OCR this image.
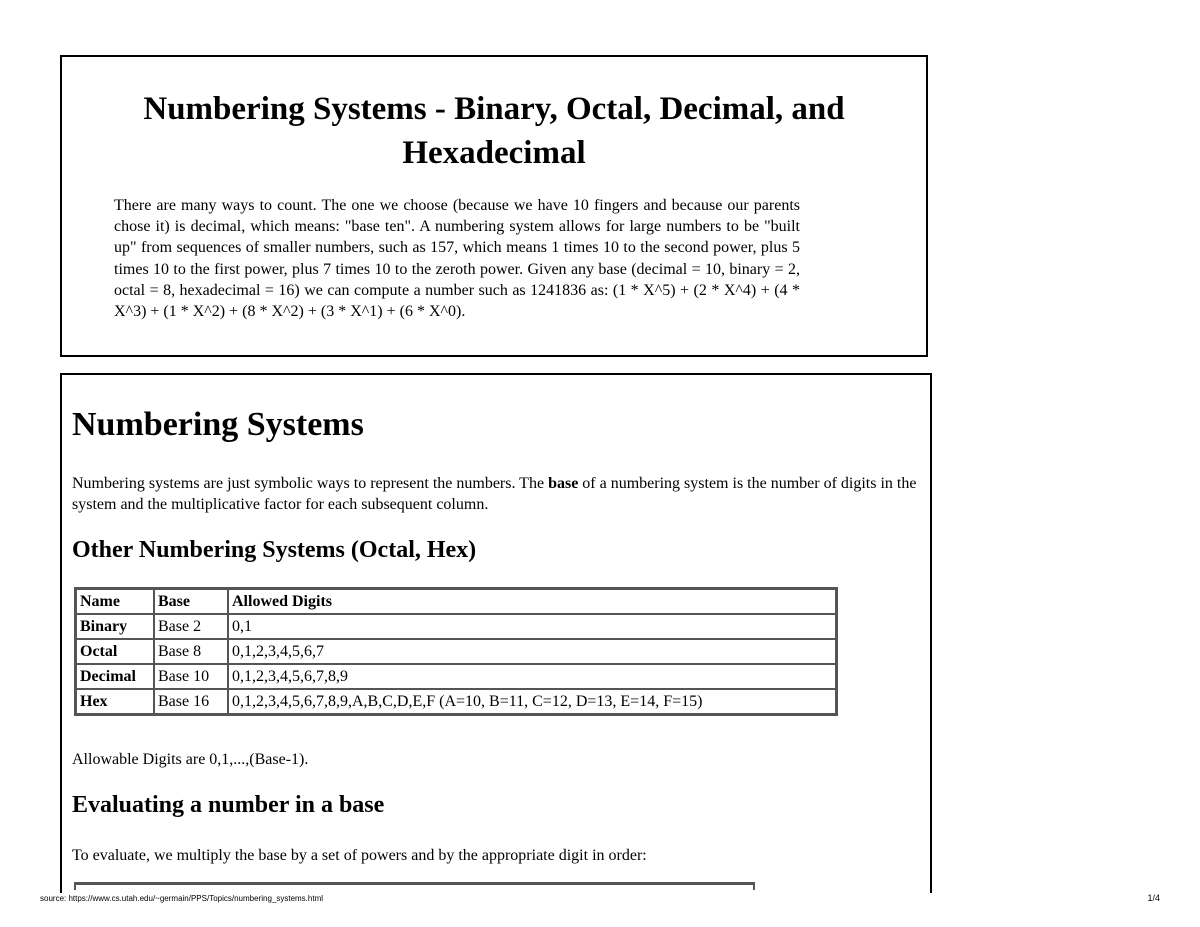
Numbering Systems - Binary, Octal, Decimal, and Hexadecimal

There are many ways to count. The one we choose (because we have 10 fingers and because our parents chose it) is decimal, which means: "base ten". A numbering system allows for large numbers to be "built up" from sequences of smaller numbers, such as 157, which means 1 times 10 to the second power, plus 5 times 10 to the first power, plus 7 times 10 to the zeroth power. Given any base (decimal = 10, binary = 2, octal = 8, hexadecimal = 16) we can compute a number such as 1241836 as: (1 * X^5) + (2 * X^4) + (4 * X^3) + (1 * X^2) + (8 * X^2) + (3 * X^1) + (6 * X^0).

Numbering Systems

Numbering systems are just symbolic ways to represent the numbers. The base of a numbering system is the number of digits in the system and the multiplicative factor for each subsequent column.

Other Numbering Systems (Octal, Hex)
Name	Base	Allowed Digits
Binary	Base 2	0,1
Octal	Base 8	0,1,2,3,4,5,6,7
Decimal	Base 10	0,1,2,3,4,5,6,7,8,9
Hex	Base 16	0,1,2,3,4,5,6,7,8,9,A,B,C,D,E,F (A=10, B=11, C=12, D=13, E=14, F=15)

Allowable Digits are 0,1,...,(Base-1).

Evaluating a number in a base

To evaluate, we multiply the base by a set of powers and by the appropriate digit in order:

source: https://www.cs.utah.edu/~germain/PPS/Topics/numbering_systems.html	1/4
